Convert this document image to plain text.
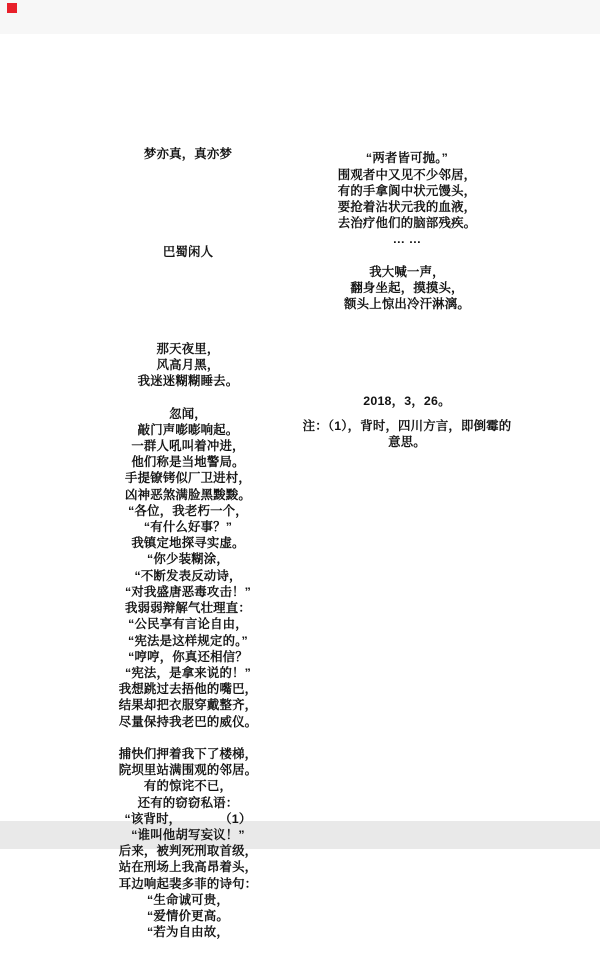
梦亦真，真亦梦

巴蜀闲人

那天夜里，
风高月黑，
我迷迷糊糊睡去。

忽闻，
敲门声嘭嘭响起。
一群人吼叫着冲进，
他们称是当地警局。
手提镣铐似厂卫进村，
凶神恶煞满脸黑黢黢。
“各位，我老朽一个，
“有什么好事？”
我镇定地探寻实虚。
“你少装糊涂，
“不断发表反动诗，
“对我盛唐恶毒攻击！”
我弱弱辩解气壮理直：
“公民享有言论自由，
“宪法是这样规定的。”
“哼哼，你真还相信？
“宪法，是拿来说的！”
我想跳过去捂他的嘴巴，
结果却把衣服穿戴整齐，
尽量保持我老巴的威仪。

捕快们押着我下了楼梯，
院坝里站满围观的邻居。
有的惊诧不已，
还有的窃窃私语：
“该背时，　　　　（1）
“谁叫他胡写妄议！”
后来，被判死刑取首级，
站在刑场上我高昂着头，
耳边响起裴多菲的诗句：
“生命诚可贵，
“爱情价更高。
“若为自由故，

“两者皆可抛。”
围观者中又见不少邻居，
有的手拿阆中状元馒头，
要抢着沾状元我的血液，
去治疗他们的脑部残疾。
… …

我大喊一声，
翻身坐起，摸摸头，
额头上惊出冷汗淋漓。

2018，3，26。

注：（1），背时，四川方言，即倒霉的
意思。
